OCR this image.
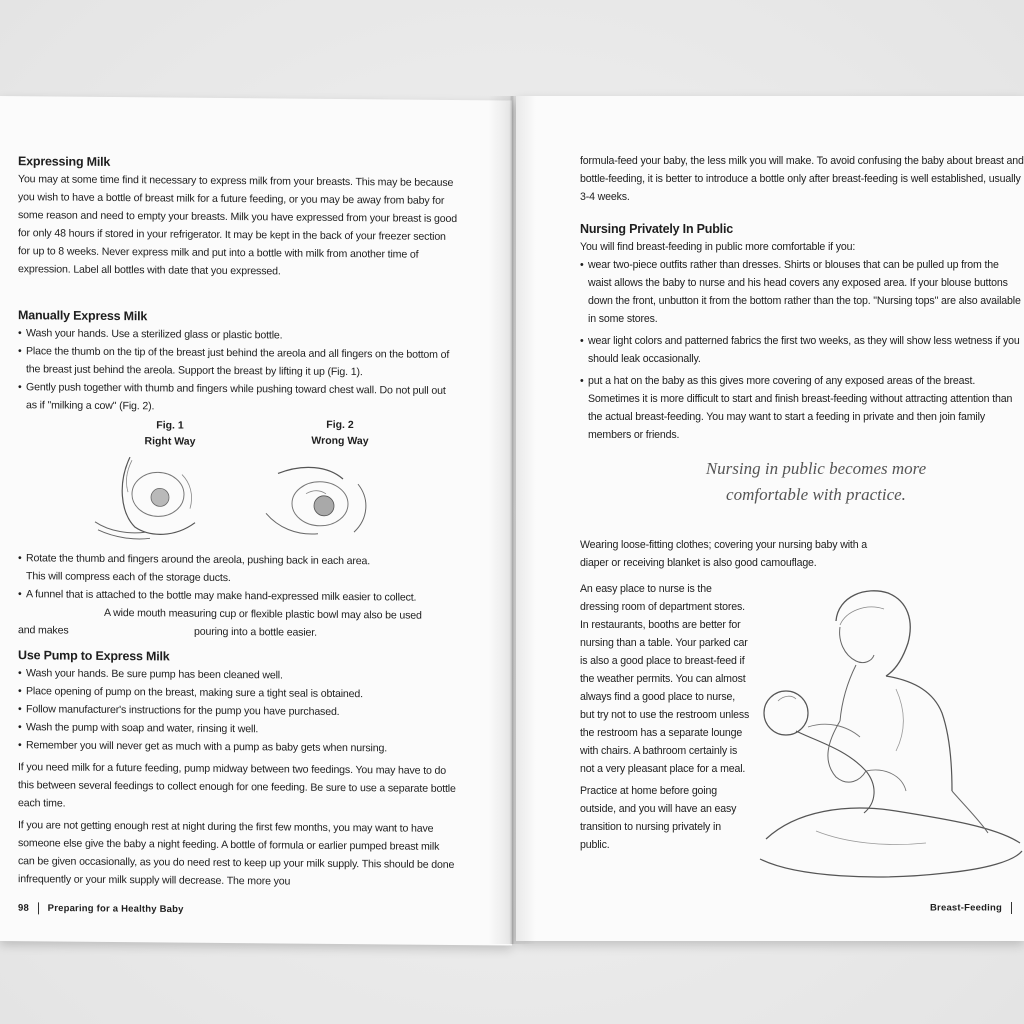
Expressing Milk

You may at some time find it necessary to express milk from your breasts. This may be because you wish to have a bottle of breast milk for a future feeding, or you may be away from baby for some reason and need to empty your breasts. Milk you have expressed from your breast is good for only 48 hours if stored in your refrigerator. It may be kept in the back of your freezer section for up to 8 weeks. Never express milk and put into a bottle with milk from another time of expression. Label all bottles with date that you expressed.

Manually Express Milk
• Wash your hands. Use a sterilized glass or plastic bottle.
• Place the thumb on the tip of the breast just behind the areola and all fingers on the bottom of the breast just behind the areola. Support the breast by lifting it up (Fig. 1).
• Gently push together with thumb and fingers while pushing toward chest wall. Do not pull out as if "milking a cow" (Fig. 2).
Fig. 1
Right Way
Fig. 2
Wrong Way
• Rotate the thumb and fingers around the areola, pushing back in each area.
This will compress each of the storage ducts.
• A funnel that is attached to the bottle may make hand-expressed milk easier to collect.
A wide mouth measuring cup or flexible plastic bowl may also be used
and makes	pouring into a bottle easier.
Use Pump to Express Milk
• Wash your hands. Be sure pump has been cleaned well.
• Place opening of pump on the breast, making sure a tight seal is obtained.
• Follow manufacturer's instructions for the pump you have purchased.
• Wash the pump with soap and water, rinsing it well.
• Remember you will never get as much with a pump as baby gets when nursing.

If you need milk for a future feeding, pump midway between two feedings. You may have to do this between several feedings to collect enough for one feeding. Be sure to use a separate bottle each time.

If you are not getting enough rest at night during the first few months, you may want to have someone else give the baby a night feeding. A bottle of formula or earlier pumped breast milk can be given occasionally, as you do need rest to keep up your milk supply. This should be done infrequently or your milk supply will decrease. The more you

98 Preparing for a Healthy Baby

formula-feed your baby, the less milk you will make. To avoid confusing the baby about breast and bottle-feeding, it is better to introduce a bottle only after breast-feeding is well established, usually 3-4 weeks.

Nursing Privately In Public

You will find breast-feeding in public more comfortable if you:

• wear two-piece outfits rather than dresses. Shirts or blouses that can be pulled up from the waist allows the baby to nurse and his head covers any exposed area. If your blouse buttons down the front, unbutton it from the bottom rather than the top. "Nursing tops" are also available in some stores.
• wear light colors and patterned fabrics the first two weeks, as they will show less wetness if you should leak occasionally.
• put a hat on the baby as this gives more covering of any exposed areas of the breast. Sometimes it is more difficult to start and finish breast-feeding without attracting attention than the actual breast-feeding. You may want to start a feeding in private and then join family members or friends.
Nursing in public becomes more
comfortable with practice.

Wearing loose-fitting clothes; covering your nursing baby with a diaper or receiving blanket is also good camouflage.

An easy place to nurse is the dressing room of department stores. In restaurants, booths are better for nursing than a table. Your parked car is also a good place to breast-feed if the weather permits. You can almost always find a good place to nurse, but try not to use the restroom unless the restroom has a separate lounge with chairs. A bathroom certainly is not a very pleasant place for a meal.

Practice at home before going outside, and you will have an easy transition to nursing privately in public.

Breast-Feeding
